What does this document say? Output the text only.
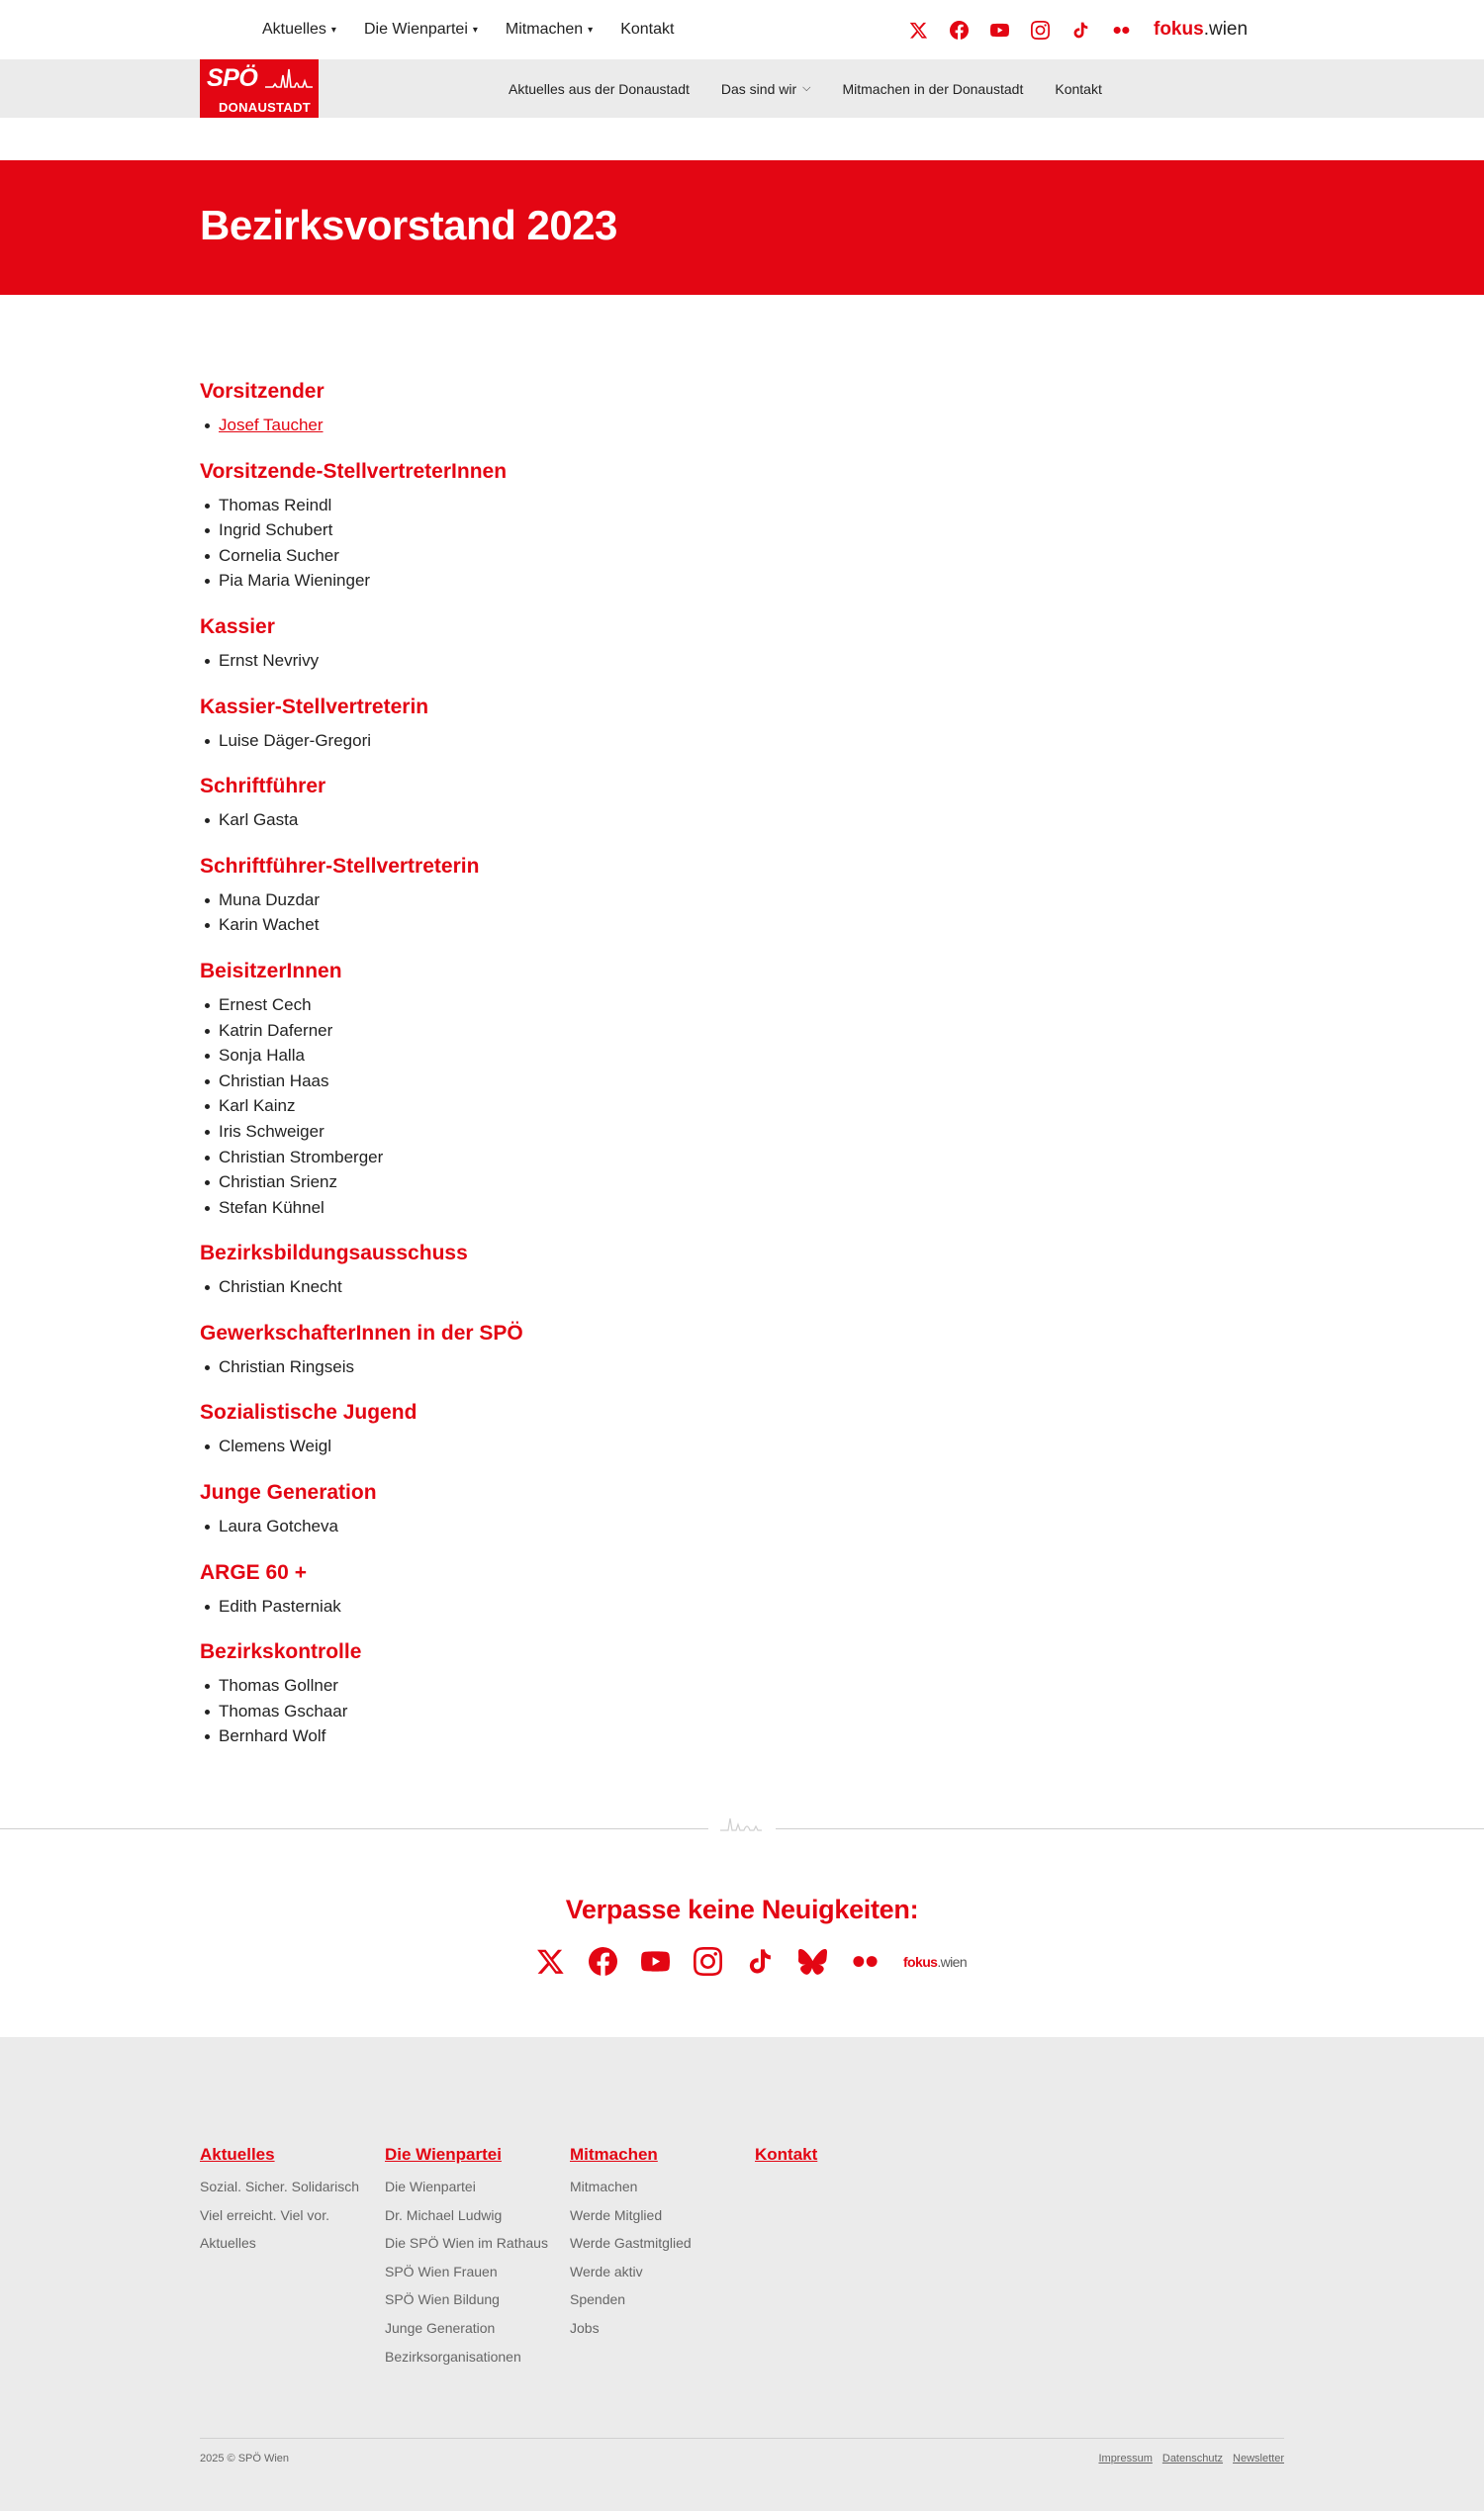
Aktuelles ▾ Die Wienpartei ▾ Mitmachen ▾ Kontakt	fokus.wien
SPÖ
DONAUSTADT
Aktuelles aus der Donaustadt Das sind wir ⌵ Mitmachen in der Donaustadt Kontakt
Bezirksvorstand 2023
Vorsitzender
Josef Taucher
Vorsitzende-StellvertreterInnen
Thomas Reindl
Ingrid Schubert
Cornelia Sucher
Pia Maria Wieninger
Kassier
Ernst Nevrivy
Kassier-Stellvertreterin
Luise Däger-Gregori
Schriftführer
Karl Gasta
Schriftführer-Stellvertreterin
Muna Duzdar
Karin Wachet
BeisitzerInnen
Ernest Cech
Katrin Daferner
Sonja Halla
Christian Haas
Karl Kainz
Iris Schweiger
Christian Stromberger
Christian Srienz
Stefan Kühnel
Bezirksbildungsausschuss
Christian Knecht
GewerkschafterInnen in der SPÖ
Christian Ringseis
Sozialistische Jugend
Clemens Weigl
Junge Generation
Laura Gotcheva
ARGE 60 +
Edith Pasterniak
Bezirkskontrolle
Thomas Gollner
Thomas Gschaar
Bernhard Wolf
Verpasse keine Neuigkeiten:
fokus.wien
Aktuelles
Sozial. Sicher. Solidarisch
Viel erreicht. Viel vor.
Aktuelles
Die Wienpartei
Die Wienpartei
Dr. Michael Ludwig
Die SPÖ Wien im Rathaus
SPÖ Wien Frauen
SPÖ Wien Bildung
Junge Generation
Bezirksorganisationen
Mitmachen
Mitmachen
Werde Mitglied
Werde Gastmitglied
Werde aktiv
Spenden
Jobs
Kontakt
2025 © SPÖ Wien	Impressum Datenschutz Newsletter
